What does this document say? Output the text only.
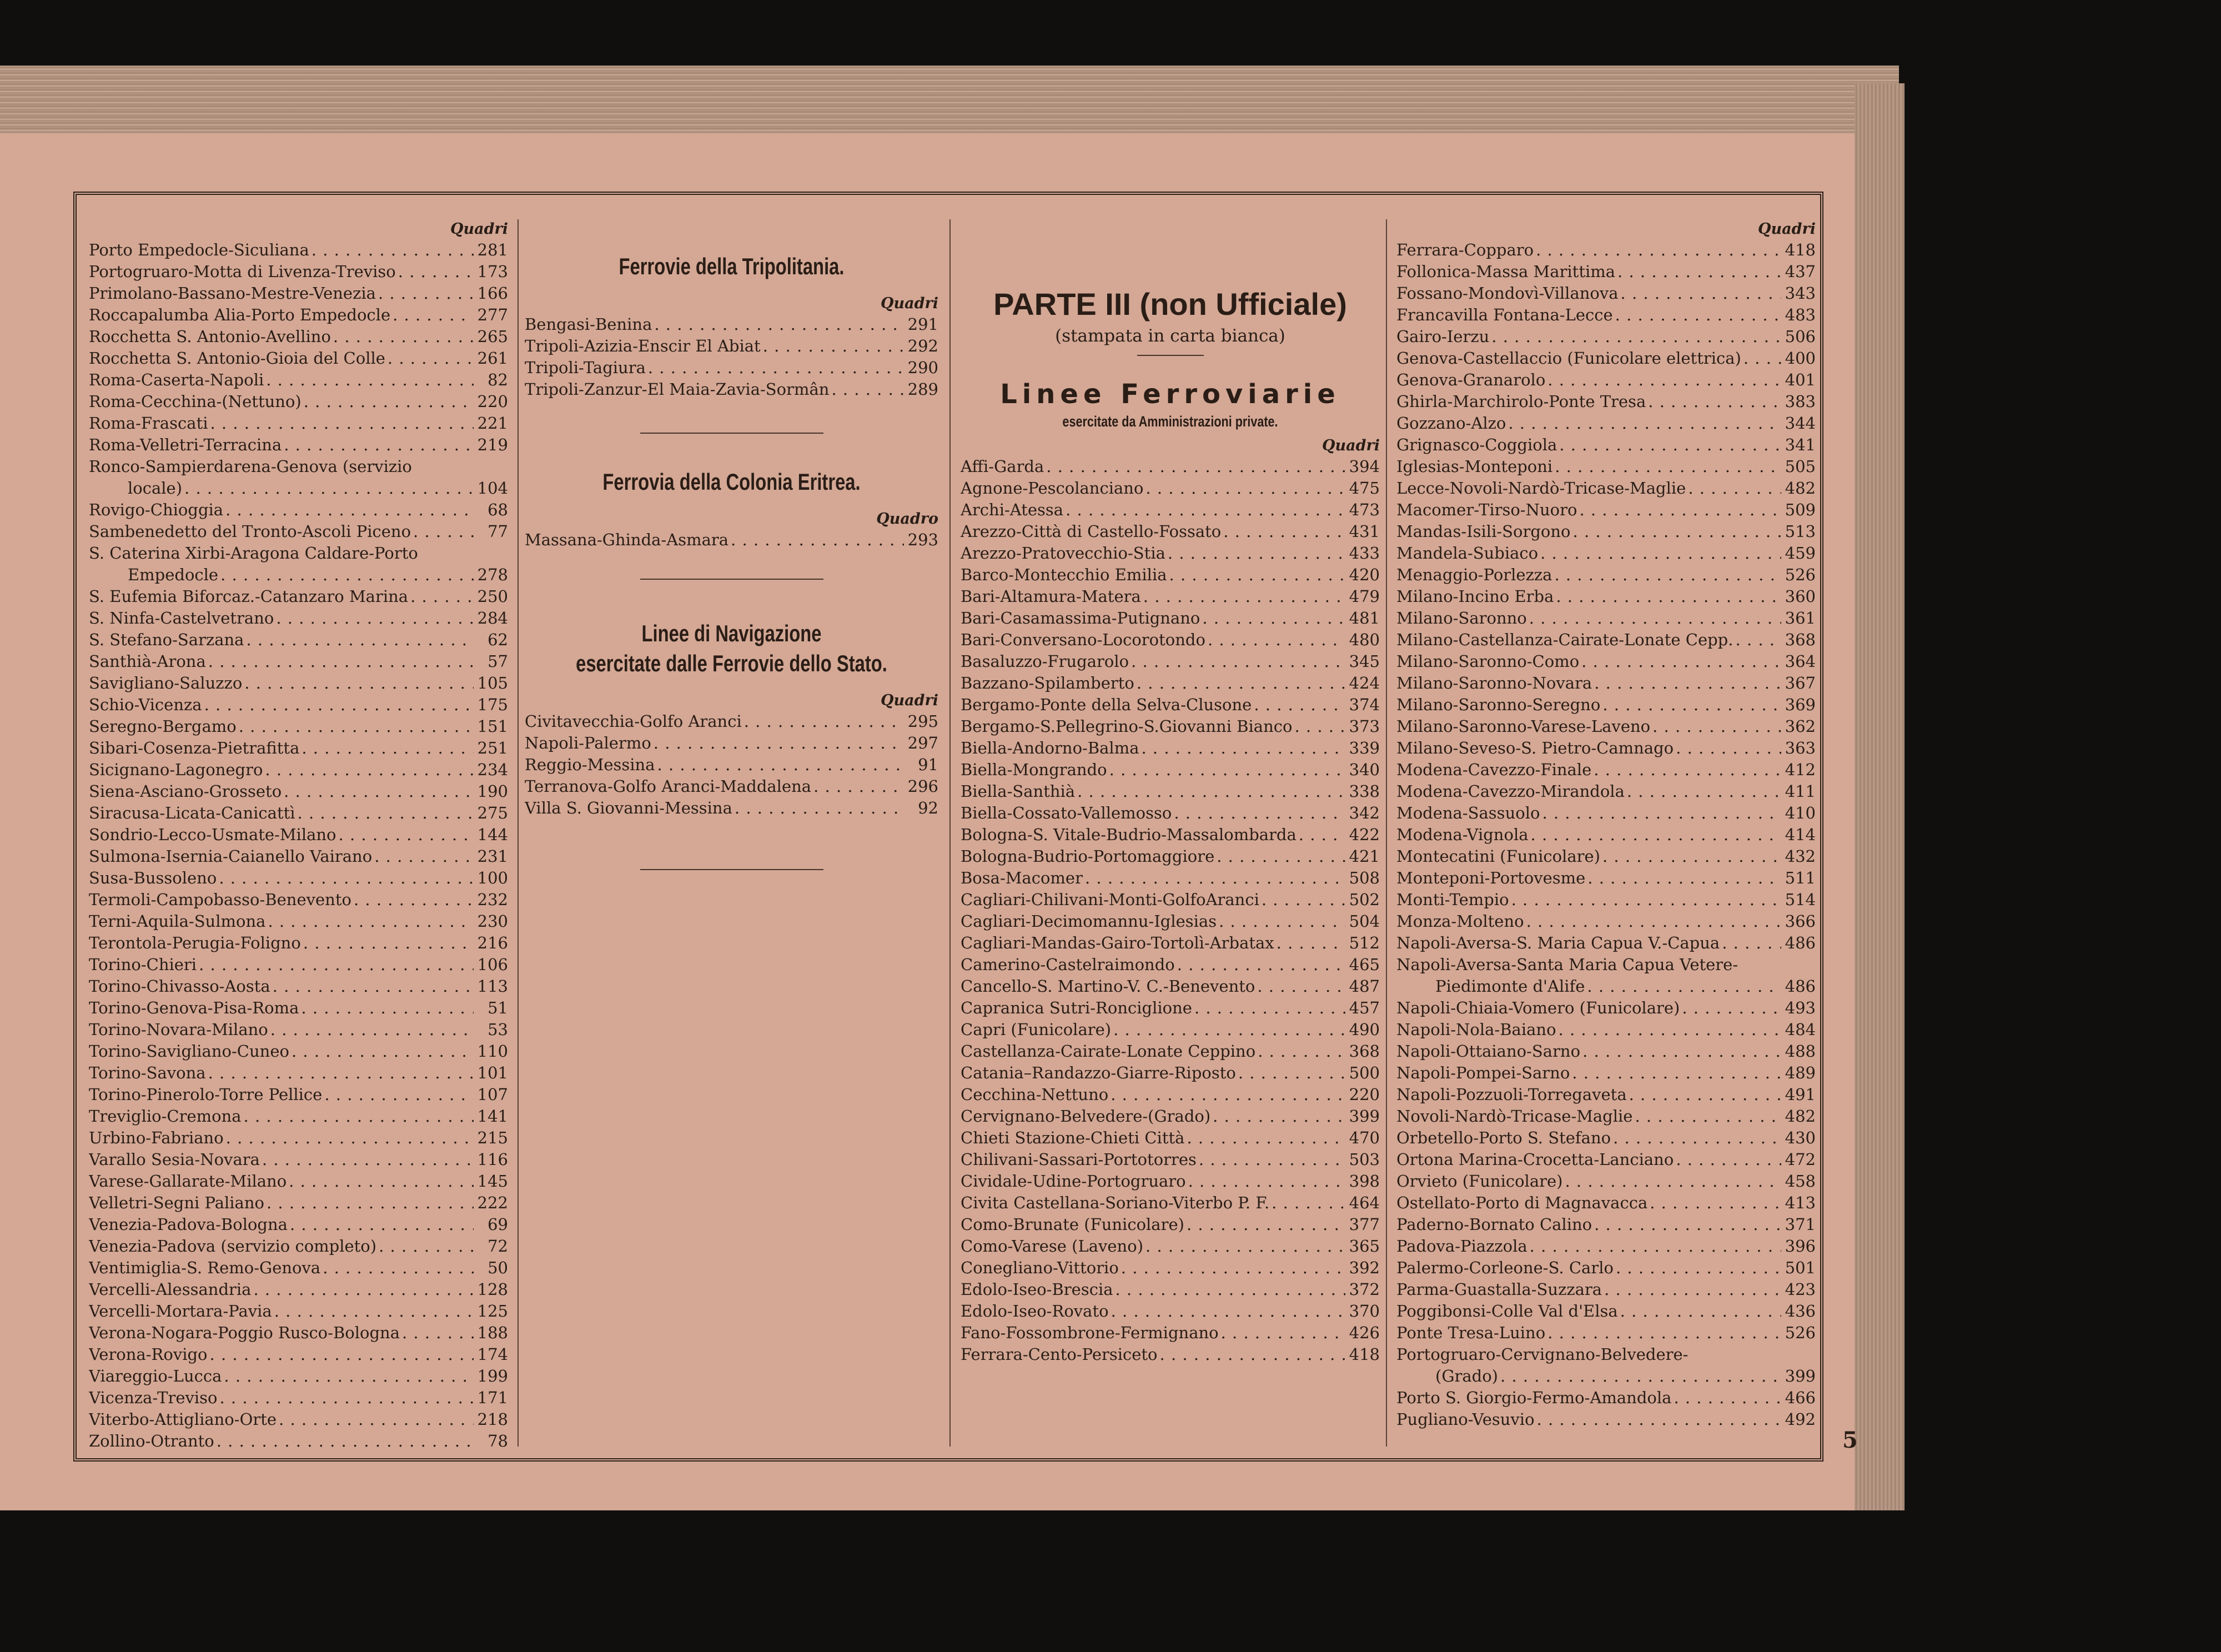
Quadri
Porto Empedocle-Siculiana . . .	281
Portogruaro-Motta di Livenza-Treviso . . .	173
Primolano-Bassano-Mestre-Venezia . . .	166
Roccapalumba Alia-Porto Empedocle . . .	277
Rocchetta S. Antonio-Avellino . . .	265
Rocchetta S. Antonio-Gioia del Colle . . .	261
Roma-Caserta-Napoli . . .	82
Roma-Cecchina-(Nettuno) . . .	220
Roma-Frascati . . .	221
Roma-Velletri-Terracina . . .	219
Ronco-Sampierdarena-Genova (servizio
locale) . . .	104
Rovigo-Chioggia . . .	68
Sambenedetto del Tronto-Ascoli Piceno . . .	77
S. Caterina Xirbi-Aragona Caldare-Porto
Empedocle . . .	278
S. Eufemia Biforcaz.-Catanzaro Marina . . .	250
S. Ninfa-Castelvetrano . . .	284
S. Stefano-Sarzana . . .	62
Santhià-Arona . . .	57
Savigliano-Saluzzo . . .	105
Schio-Vicenza . . .	175
Seregno-Bergamo . . .	151
Sibari-Cosenza-Pietrafitta . . .	251
Sicignano-Lagonegro . . .	234
Siena-Asciano-Grosseto . . .	190
Siracusa-Licata-Canicattì . . .	275
Sondrio-Lecco-Usmate-Milano . . .	144
Sulmona-Isernia-Caianello Vairano . . .	231
Susa-Bussoleno . . .	100
Termoli-Campobasso-Benevento . . .	232
Terni-Aquila-Sulmona . . .	230
Terontola-Perugia-Foligno . . .	216
Torino-Chieri . . .	106
Torino-Chivasso-Aosta . . .	113
Torino-Genova-Pisa-Roma . . .	51
Torino-Novara-Milano . . .	53
Torino-Savigliano-Cuneo . . .	110
Torino-Savona . . .	101
Torino-Pinerolo-Torre Pellice . . .	107
Treviglio-Cremona . . .	141
Urbino-Fabriano . . .	215
Varallo Sesia-Novara . . .	116
Varese-Gallarate-Milano . . .	145
Velletri-Segni Paliano . . .	222
Venezia-Padova-Bologna . . .	69
Venezia-Padova (servizio completo) . . .	72
Ventimiglia-S. Remo-Genova . . .	50
Vercelli-Alessandria . . .	128
Vercelli-Mortara-Pavia . . .	125
Verona-Nogara-Poggio Rusco-Bologna . . .	188
Verona-Rovigo . . .	174
Viareggio-Lucca . . .	199
Vicenza-Treviso . . .	171
Viterbo-Attigliano-Orte . . .	218
Zollino-Otranto . . .	78
Ferrovie della Tripolitania.
Quadri
Bengasi-Benina . . .	291
Tripoli-Azizia-Enscir El Abiat . . .	292
Tripoli-Tagiura . . .	290
Tripoli-Zanzur-El Maia-Zavia-Sormân . . .	289
Ferrovia della Colonia Eritrea.
Quadro
Massana-Ghinda-Asmara . . .	293
Linee di Navigazione
esercitate dalle Ferrovie dello Stato.
Quadri
Civitavecchia-Golfo Aranci . . .	295
Napoli-Palermo . . .	297
Reggio-Messina . . .	91
Terranova-Golfo Aranci-Maddalena . . .	296
Villa S. Giovanni-Messina . . .	92
PARTE III (non Ufficiale)
(stampata in carta bianca)
Linee Ferroviarie
esercitate da Amministrazioni private.
Quadri
Affi-Garda . . .	394
Agnone-Pescolanciano . . .	475
Archi-Atessa . . .	473
Arezzo-Città di Castello-Fossato . . .	431
Arezzo-Pratovecchio-Stia . . .	433
Barco-Montecchio Emilia . . .	420
Bari-Altamura-Matera . . .	479
Bari-Casamassima-Putignano . . .	481
Bari-Conversano-Locorotondo . . .	480
Basaluzzo-Frugarolo . . .	345
Bazzano-Spilamberto . . .	424
Bergamo-Ponte della Selva-Clusone . . .	374
Bergamo-S.Pellegrino-S.Giovanni Bianco . . .	373
Biella-Andorno-Balma . . .	339
Biella-Mongrando . . .	340
Biella-Santhià . . .	338
Biella-Cossato-Vallemosso . . .	342
Bologna-S. Vitale-Budrio-Massalombarda . . .	422
Bologna-Budrio-Portomaggiore . . .	421
Bosa-Macomer . . .	508
Cagliari-Chilivani-Monti-GolfoAranci . . .	502
Cagliari-Decimomannu-Iglesias . . .	504
Cagliari-Mandas-Gairo-Tortolì-Arbatax . . .	512
Camerino-Castelraimondo . . .	465
Cancello-S. Martino-V. C.-Benevento . . .	487
Capranica Sutri-Ronciglione . . .	457
Capri (Funicolare) . . .	490
Castellanza-Cairate-Lonate Ceppino . . .	368
Catania–Randazzo-Giarre-Riposto . . .	500
Cecchina-Nettuno . . .	220
Cervignano-Belvedere-(Grado) . . .	399
Chieti Stazione-Chieti Città . . .	470
Chilivani-Sassari-Portotorres . . .	503
Cividale-Udine-Portogruaro . . .	398
Civita Castellana-Soriano-Viterbo P. F. . . .	464
Como-Brunate (Funicolare) . . .	377
Como-Varese (Laveno) . . .	365
Conegliano-Vittorio . . .	392
Edolo-Iseo-Brescia . . .	372
Edolo-Iseo-Rovato . . .	370
Fano-Fossombrone-Fermignano . . .	426
Ferrara-Cento-Persiceto . . .	418
Quadri
Ferrara-Copparo . . .	418
Follonica-Massa Marittima . . .	437
Fossano-Mondovì-Villanova . . .	343
Francavilla Fontana-Lecce . . .	483
Gairo-Ierzu . . .	506
Genova-Castellaccio (Funicolare elettrica) . . .	400
Genova-Granarolo . . .	401
Ghirla-Marchirolo-Ponte Tresa . . .	383
Gozzano-Alzo . . .	344
Grignasco-Coggiola . . .	341
Iglesias-Monteponi . . .	505
Lecce-Novoli-Nardò-Tricase-Maglie . . .	482
Macomer-Tirso-Nuoro . . .	509
Mandas-Isili-Sorgono . . .	513
Mandela-Subiaco . . .	459
Menaggio-Porlezza . . .	526
Milano-Incino Erba . . .	360
Milano-Saronno . . .	361
Milano-Castellanza-Cairate-Lonate Cepp. . . .	368
Milano-Saronno-Como . . .	364
Milano-Saronno-Novara . . .	367
Milano-Saronno-Seregno . . .	369
Milano-Saronno-Varese-Laveno . . .	362
Milano-Seveso-S. Pietro-Camnago . . .	363
Modena-Cavezzo-Finale . . .	412
Modena-Cavezzo-Mirandola . . .	411
Modena-Sassuolo . . .	410
Modena-Vignola . . .	414
Montecatini (Funicolare) . . .	432
Monteponi-Portovesme . . .	511
Monti-Tempio . . .	514
Monza-Molteno . . .	366
Napoli-Aversa-S. Maria Capua V.-Capua . . .	486
Napoli-Aversa-Santa Maria Capua Vetere-
Piedimonte d'Alife . . .	486
Napoli-Chiaia-Vomero (Funicolare) . . .	493
Napoli-Nola-Baiano . . .	484
Napoli-Ottaiano-Sarno . . .	488
Napoli-Pompei-Sarno . . .	489
Napoli-Pozzuoli-Torregaveta . . .	491
Novoli-Nardò-Tricase-Maglie . . .	482
Orbetello-Porto S. Stefano . . .	430
Ortona Marina-Crocetta-Lanciano . . .	472
Orvieto (Funicolare) . . .	458
Ostellato-Porto di Magnavacca . . .	413
Paderno-Bornato Calino . . .	371
Padova-Piazzola . . .	396
Palermo-Corleone-S. Carlo . . .	501
Parma-Guastalla-Suzzara . . .	423
Poggibonsi-Colle Val d'Elsa . . .	436
Ponte Tresa-Luino . . .	526
Portogruaro-Cervignano-Belvedere-
(Grado) . . .	399
Porto S. Giorgio-Fermo-Amandola . . .	466
Pugliano-Vesuvio . . .	492
5
